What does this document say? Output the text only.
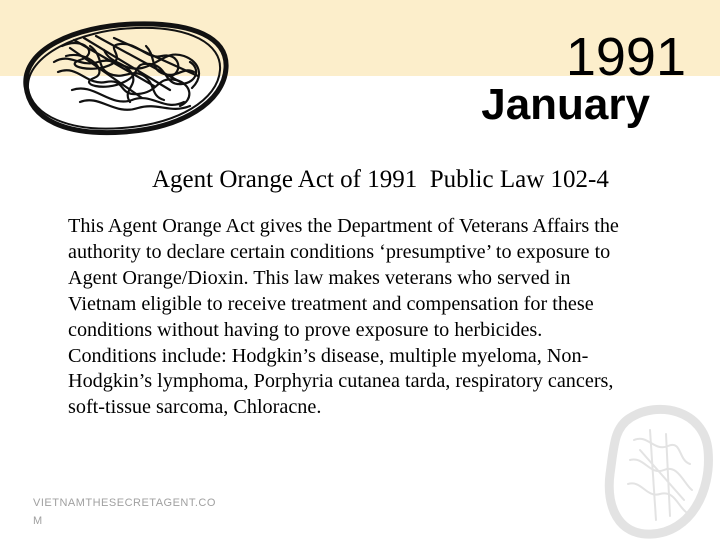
1991
January
Agent Orange Act of 1991  Public Law 102-4
This Agent Orange Act gives the Department of Veterans Affairs the
authority to declare certain conditions ‘presumptive’ to exposure to
Agent Orange/Dioxin. This law makes veterans who served in
Vietnam eligible to receive treatment and compensation for these
conditions without having to prove exposure to herbicides.
Conditions include: Hodgkin’s disease, multiple myeloma, Non-
Hodgkin’s lymphoma, Porphyria cutanea tarda, respiratory cancers,
soft-tissue sarcoma, Chloracne.
VIETNAMTHESECRETAGENT.COM
